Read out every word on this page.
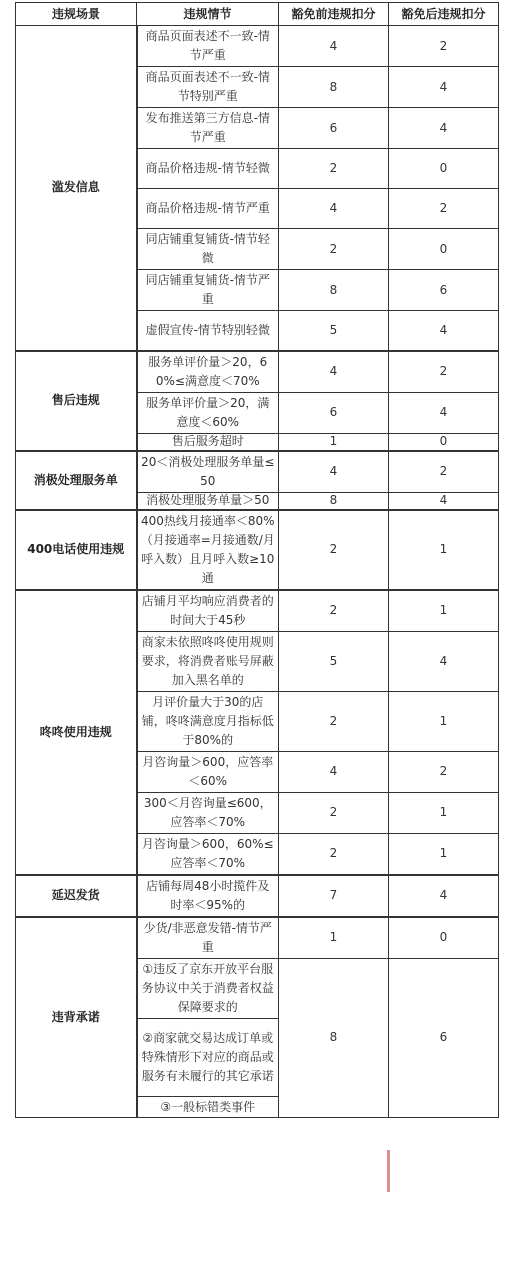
违规场景	违规情节	豁免前违规扣分	豁免后违规扣分
滥发信息	商品页面表述不一致-情节严重	4	2
	商品页面表述不一致-情节特别严重	8	4
	发布推送第三方信息-情节严重	6	4
	商品价格违规-情节轻微	2	0
	商品价格违规-情节严重	4	2
	同店铺重复铺货-情节轻微	2	0
	同店铺重复铺货-情节严重	8	6
	虚假宣传-情节特别轻微	5	4
售后违规	服务单评价量＞20，60%≤满意度＜70%	4	2
	服务单评价量＞20，满意度＜60%	6	4
	售后服务超时	1	0
消极处理服务单	20＜消极处理服务单量≤50	4	2
	消极处理服务单量＞50	8	4
400电话使用违规	400热线月接通率＜80%（月接通率=月接通数/月呼入数）且月呼入数≥10通	2	1
咚咚使用违规	店铺月平均响应消费者的时间大于45秒	2	1
	商家未依照咚咚使用规则要求，将消费者账号屏蔽加入黑名单的	5	4
	月评价量大于30的店铺，咚咚满意度月指标低于80%的	2	1
	月咨询量＞600，应答率＜60%	4	2
	300＜月咨询量≤600，应答率＜70%	2	1
	月咨询量＞600，60%≤应答率＜70%	2	1
延迟发货	店铺每周48小时揽件及时率＜95%的	7	4
违背承诺	少货/非恶意发错-情节严重	1	0
	①违反了京东开放平台服务协议中关于消费者权益保障要求的	8	6
	②商家就交易达成订单或特殊情形下对应的商品或服务有未履行的其它承诺		
	③一般标错类事件		
